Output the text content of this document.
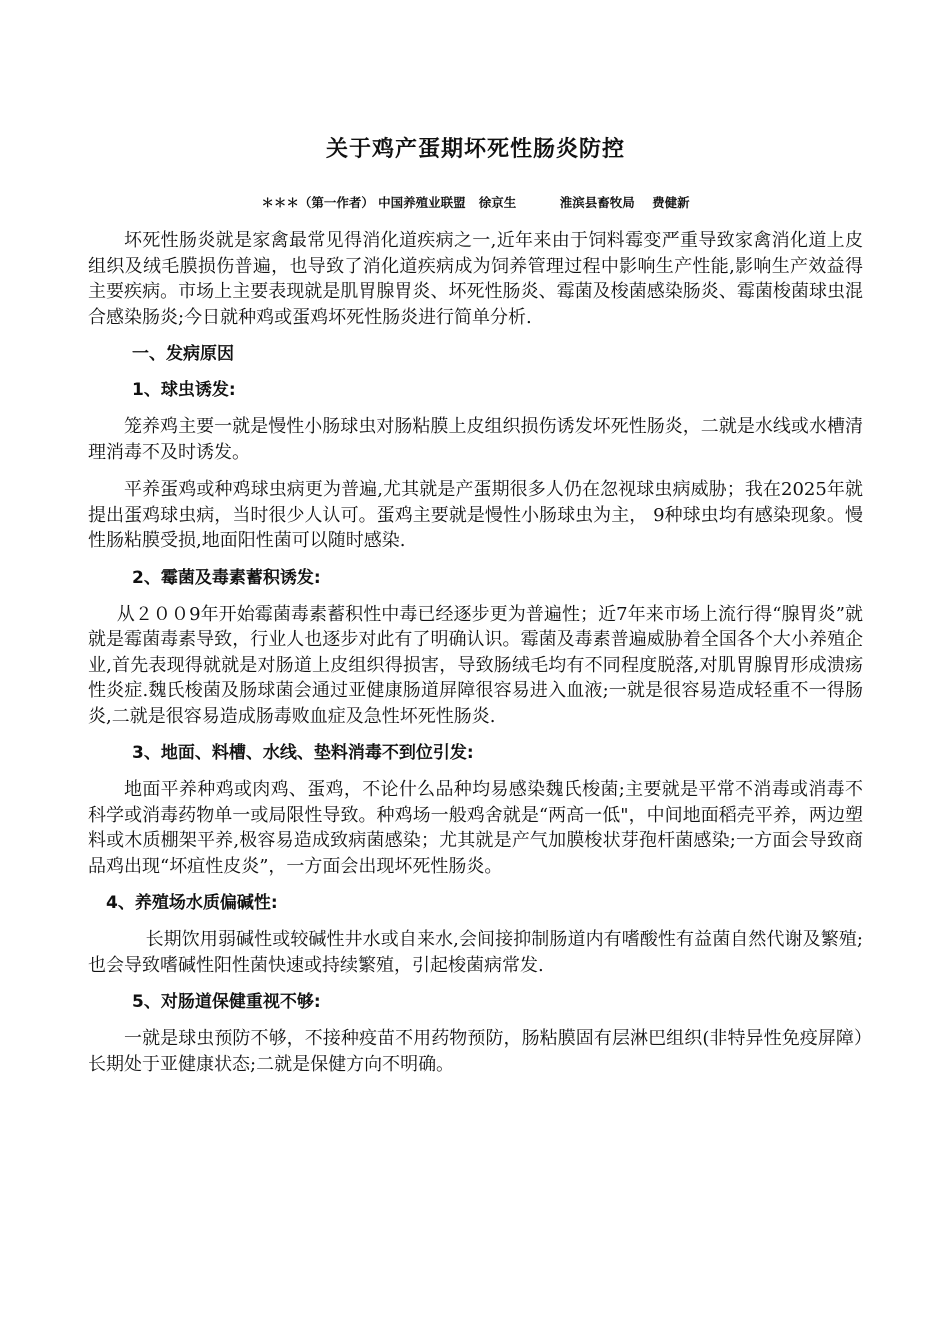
关于鸡产蛋期坏死性肠炎防控
＊＊＊（第一作者） 中国养殖业联盟   徐京生          淮滨县畜牧局    费健新

坏死性肠炎就是家禽最常见得消化道疾病之一,近年来由于饲料霉变严重导致家禽消化道上皮组织及绒毛膜损伤普遍，也导致了消化道疾病成为饲养管理过程中影响生产性能,影响生产效益得主要疾病。市场上主要表现就是肌胃腺胃炎、坏死性肠炎、霉菌及梭菌感染肠炎、霉菌梭菌球虫混合感染肠炎;今日就种鸡或蛋鸡坏死性肠炎进行简单分析.

一、发病原因
1、球虫诱发:

笼养鸡主要一就是慢性小肠球虫对肠粘膜上皮组织损伤诱发坏死性肠炎，二就是水线或水槽清理消毒不及时诱发。

平养蛋鸡或种鸡球虫病更为普遍,尤其就是产蛋期很多人仍在忽视球虫病威胁；我在2025年就提出蛋鸡球虫病，当时很少人认可。蛋鸡主要就是慢性小肠球虫为主， 9种球虫均有感染现象。慢性肠粘膜受损,地面阳性菌可以随时感染.

2、霉菌及毒素蓄积诱发:

从２００9年开始霉菌毒素蓄积性中毒已经逐步更为普遍性；近7年来市场上流行得“腺胃炎”就就是霉菌毒素导致，行业人也逐步对此有了明确认识。霉菌及毒素普遍威胁着全国各个大小养殖企业,首先表现得就就是对肠道上皮组织得损害，导致肠绒毛均有不同程度脱落,对肌胃腺胃形成溃疡性炎症.魏氏梭菌及肠球菌会通过亚健康肠道屏障很容易进入血液;一就是很容易造成轻重不一得肠炎,二就是很容易造成肠毒败血症及急性坏死性肠炎.

3、地面、料槽、水线、垫料消毒不到位引发:

地面平养种鸡或肉鸡、蛋鸡，不论什么品种均易感染魏氏梭菌;主要就是平常不消毒或消毒不科学或消毒药物单一或局限性导致。种鸡场一般鸡舍就是“两高一低"，中间地面稻壳平养，两边塑料或木质棚架平养,极容易造成致病菌感染；尤其就是产气加膜梭状芽孢杆菌感染;一方面会导致商品鸡出现“坏疽性皮炎”，一方面会出现坏死性肠炎。

4、养殖场水质偏碱性:

长期饮用弱碱性或较碱性井水或自来水,会间接抑制肠道内有嗜酸性有益菌自然代谢及繁殖;也会导致嗜碱性阳性菌快速或持续繁殖，引起梭菌病常发.

5、对肠道保健重视不够:

一就是球虫预防不够，不接种疫苗不用药物预防，肠粘膜固有层淋巴组织(非特异性免疫屏障）长期处于亚健康状态;二就是保健方向不明确。
